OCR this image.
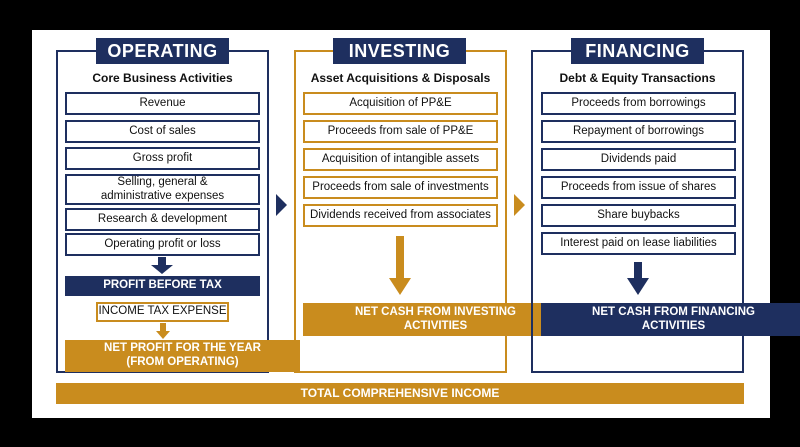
OPERATING
Core Business Activities
Revenue
Cost of sales
Gross profit
Selling, general & administrative expenses
Research & development
Operating profit or loss
PROFIT BEFORE TAX
INCOME TAX EXPENSE
NET PROFIT FOR THE YEAR (FROM OPERATING)
INVESTING
Asset Acquisitions & Disposals
Acquisition of PP&E
Proceeds from sale of PP&E
Acquisition of intangible assets
Proceeds from sale of investments
Dividends received from associates
NET CASH FROM INVESTING ACTIVITIES
FINANCING
Debt & Equity Transactions
Proceeds from borrowings
Repayment of borrowings
Dividends paid
Proceeds from issue of shares
Share buybacks
Interest paid on lease liabilities
NET CASH FROM FINANCING ACTIVITIES
TOTAL COMPREHENSIVE INCOME
